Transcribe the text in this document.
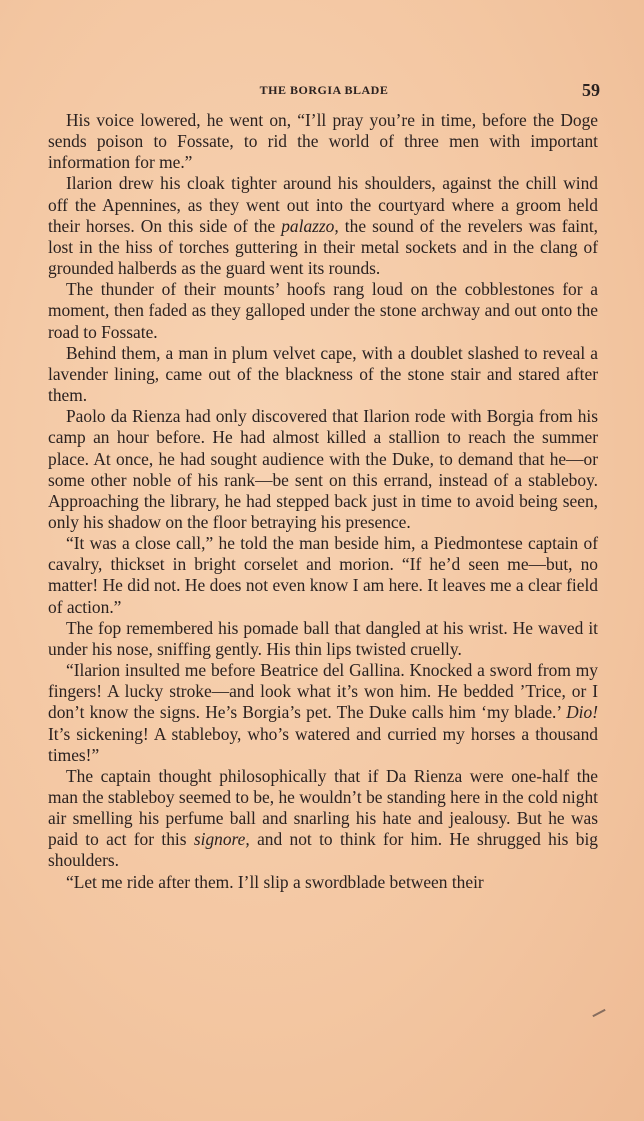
THE BORGIA BLADE	59

His voice lowered, he went on, “I’ll pray you’re in time, before the Doge sends poison to Fossate, to rid the world of three men with important information for me.”

Ilarion drew his cloak tighter around his shoulders, against the chill wind off the Apennines, as they went out into the courtyard where a groom held their horses. On this side of the palazzo, the sound of the revelers was faint, lost in the hiss of torches guttering in their metal sockets and in the clang of grounded halberds as the guard went its rounds.

The thunder of their mounts’ hoofs rang loud on the cobblestones for a moment, then faded as they galloped under the stone archway and out onto the road to Fossate.

Behind them, a man in plum velvet cape, with a doublet slashed to reveal a lavender lining, came out of the blackness of the stone stair and stared after them.

Paolo da Rienza had only discovered that Ilarion rode with Borgia from his camp an hour before. He had almost killed a stallion to reach the summer place. At once, he had sought audience with the Duke, to demand that he—or some other noble of his rank—be sent on this errand, instead of a stableboy. Approaching the library, he had stepped back just in time to avoid being seen, only his shadow on the floor betraying his presence.

“It was a close call,” he told the man beside him, a Piedmontese captain of cavalry, thickset in bright corselet and morion. “If he’d seen me—but, no matter! He did not. He does not even know I am here. It leaves me a clear field of action.”

The fop remembered his pomade ball that dangled at his wrist. He waved it under his nose, sniffing gently. His thin lips twisted cruelly.

“Ilarion insulted me before Beatrice del Gallina. Knocked a sword from my fingers! A lucky stroke—and look what it’s won him. He bedded ’Trice, or I don’t know the signs. He’s Borgia’s pet. The Duke calls him ‘my blade.’ Dio! It’s sickening! A stableboy, who’s watered and curried my horses a thousand times!”

The captain thought philosophically that if Da Rienza were one-half the man the stableboy seemed to be, he wouldn’t be standing here in the cold night air smelling his perfume ball and snarling his hate and jealousy. But he was paid to act for this signore, and not to think for him. He shrugged his big shoulders.

“Let me ride after them. I’ll slip a swordblade between their
